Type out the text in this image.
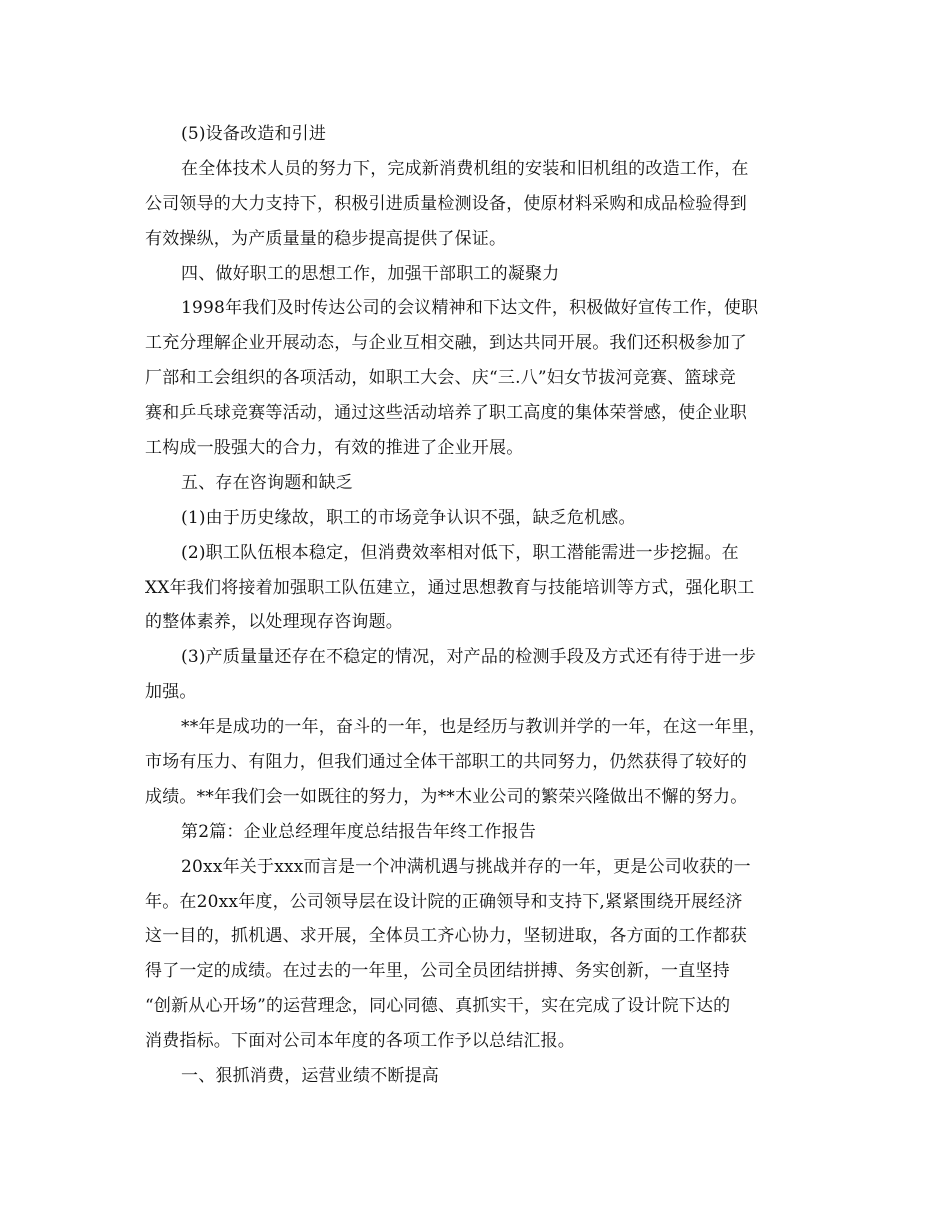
(5)设备改造和引进
在全体技术人员的努力下，完成新消费机组的安装和旧机组的改造工作，在
公司领导的大力支持下，积极引进质量检测设备，使原材料采购和成品检验得到
有效操纵，为产质量量的稳步提高提供了保证。
四、做好职工的思想工作，加强干部职工的凝聚力
1998年我们及时传达公司的会议精神和下达文件，积极做好宣传工作，使职
工充分理解企业开展动态，与企业互相交融，到达共同开展。我们还积极参加了
厂部和工会组织的各项活动，如职工大会、庆“三.八”妇女节拔河竞赛、篮球竞
赛和乒乓球竞赛等活动，通过这些活动培养了职工高度的集体荣誉感，使企业职
工构成一股强大的合力，有效的推进了企业开展。
五、存在咨询题和缺乏
(1)由于历史缘故，职工的市场竞争认识不强，缺乏危机感。
(2)职工队伍根本稳定，但消费效率相对低下，职工潜能需进一步挖掘。在
XX年我们将接着加强职工队伍建立，通过思想教育与技能培训等方式，强化职工
的整体素养，以处理现存咨询题。
(3)产质量量还存在不稳定的情况，对产品的检测手段及方式还有待于进一步
加强。
**年是成功的一年，奋斗的一年，也是经历与教训并学的一年，在这一年里，
市场有压力、有阻力，但我们通过全体干部职工的共同努力，仍然获得了较好的
成绩。**年我们会一如既往的努力，为**木业公司的繁荣兴隆做出不懈的努力。
第2篇：企业总经理年度总结报告年终工作报告
20xx年关于xxx而言是一个冲满机遇与挑战并存的一年，更是公司收获的一
年。在20xx年度，公司领导层在设计院的正确领导和支持下,紧紧围绕开展经济
这一目的，抓机遇、求开展，全体员工齐心协力，坚韧进取，各方面的工作都获
得了一定的成绩。在过去的一年里，公司全员团结拼搏、务实创新，一直坚持
“创新从心开场”的运营理念，同心同德、真抓实干，实在完成了设计院下达的
消费指标。下面对公司本年度的各项工作予以总结汇报。
一、狠抓消费，运营业绩不断提高
